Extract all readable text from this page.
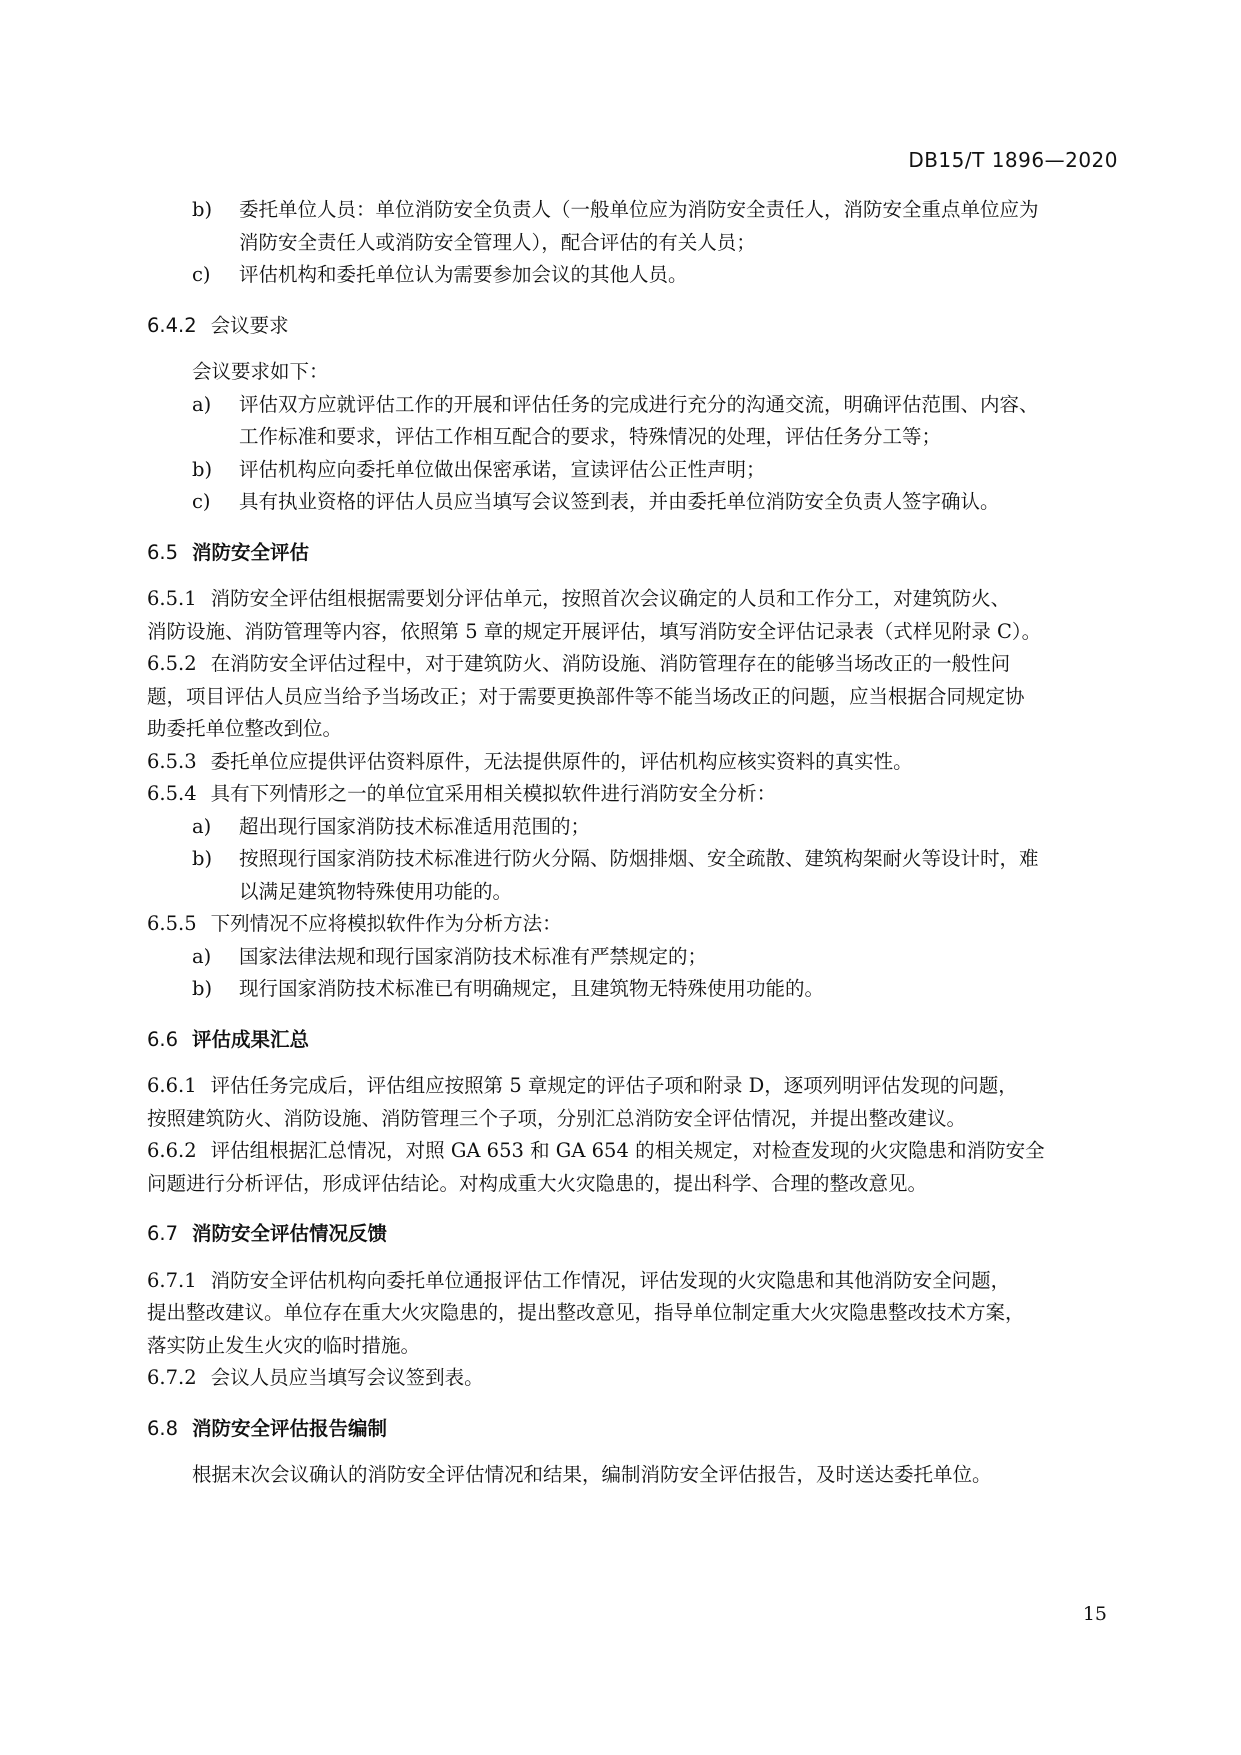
DB15/T 1896—2020
b) 委托单位人员：单位消防安全负责人（一般单位应为消防安全责任人，消防安全重点单位应为
消防安全责任人或消防安全管理人），配合评估的有关人员；
c) 评估机构和委托单位认为需要参加会议的其他人员。
6.4.2 会议要求
会议要求如下：
a) 评估双方应就评估工作的开展和评估任务的完成进行充分的沟通交流，明确评估范围、内容、
工作标准和要求，评估工作相互配合的要求，特殊情况的处理，评估任务分工等；
b) 评估机构应向委托单位做出保密承诺，宣读评估公正性声明；
c) 具有执业资格的评估人员应当填写会议签到表，并由委托单位消防安全负责人签字确认。
6.5 消防安全评估
6.5.1 消防安全评估组根据需要划分评估单元，按照首次会议确定的人员和工作分工，对建筑防火、
消防设施、消防管理等内容，依照第 5 章的规定开展评估，填写消防安全评估记录表（式样见附录 C）。
6.5.2 在消防安全评估过程中，对于建筑防火、消防设施、消防管理存在的能够当场改正的一般性问
题，项目评估人员应当给予当场改正；对于需要更换部件等不能当场改正的问题，应当根据合同规定协
助委托单位整改到位。
6.5.3 委托单位应提供评估资料原件，无法提供原件的，评估机构应核实资料的真实性。
6.5.4 具有下列情形之一的单位宜采用相关模拟软件进行消防安全分析：
a) 超出现行国家消防技术标准适用范围的；
b) 按照现行国家消防技术标准进行防火分隔、防烟排烟、安全疏散、建筑构架耐火等设计时，难
以满足建筑物特殊使用功能的。
6.5.5 下列情况不应将模拟软件作为分析方法：
a) 国家法律法规和现行国家消防技术标准有严禁规定的；
b) 现行国家消防技术标准已有明确规定，且建筑物无特殊使用功能的。
6.6 评估成果汇总
6.6.1 评估任务完成后，评估组应按照第 5 章规定的评估子项和附录 D，逐项列明评估发现的问题，
按照建筑防火、消防设施、消防管理三个子项，分别汇总消防安全评估情况，并提出整改建议。
6.6.2 评估组根据汇总情况，对照 GA 653 和 GA 654 的相关规定，对检查发现的火灾隐患和消防安全
问题进行分析评估，形成评估结论。对构成重大火灾隐患的，提出科学、合理的整改意见。
6.7 消防安全评估情况反馈
6.7.1 消防安全评估机构向委托单位通报评估工作情况，评估发现的火灾隐患和其他消防安全问题，
提出整改建议。单位存在重大火灾隐患的，提出整改意见，指导单位制定重大火灾隐患整改技术方案，
落实防止发生火灾的临时措施。
6.7.2 会议人员应当填写会议签到表。
6.8 消防安全评估报告编制
根据末次会议确认的消防安全评估情况和结果，编制消防安全评估报告，及时送达委托单位。
15
